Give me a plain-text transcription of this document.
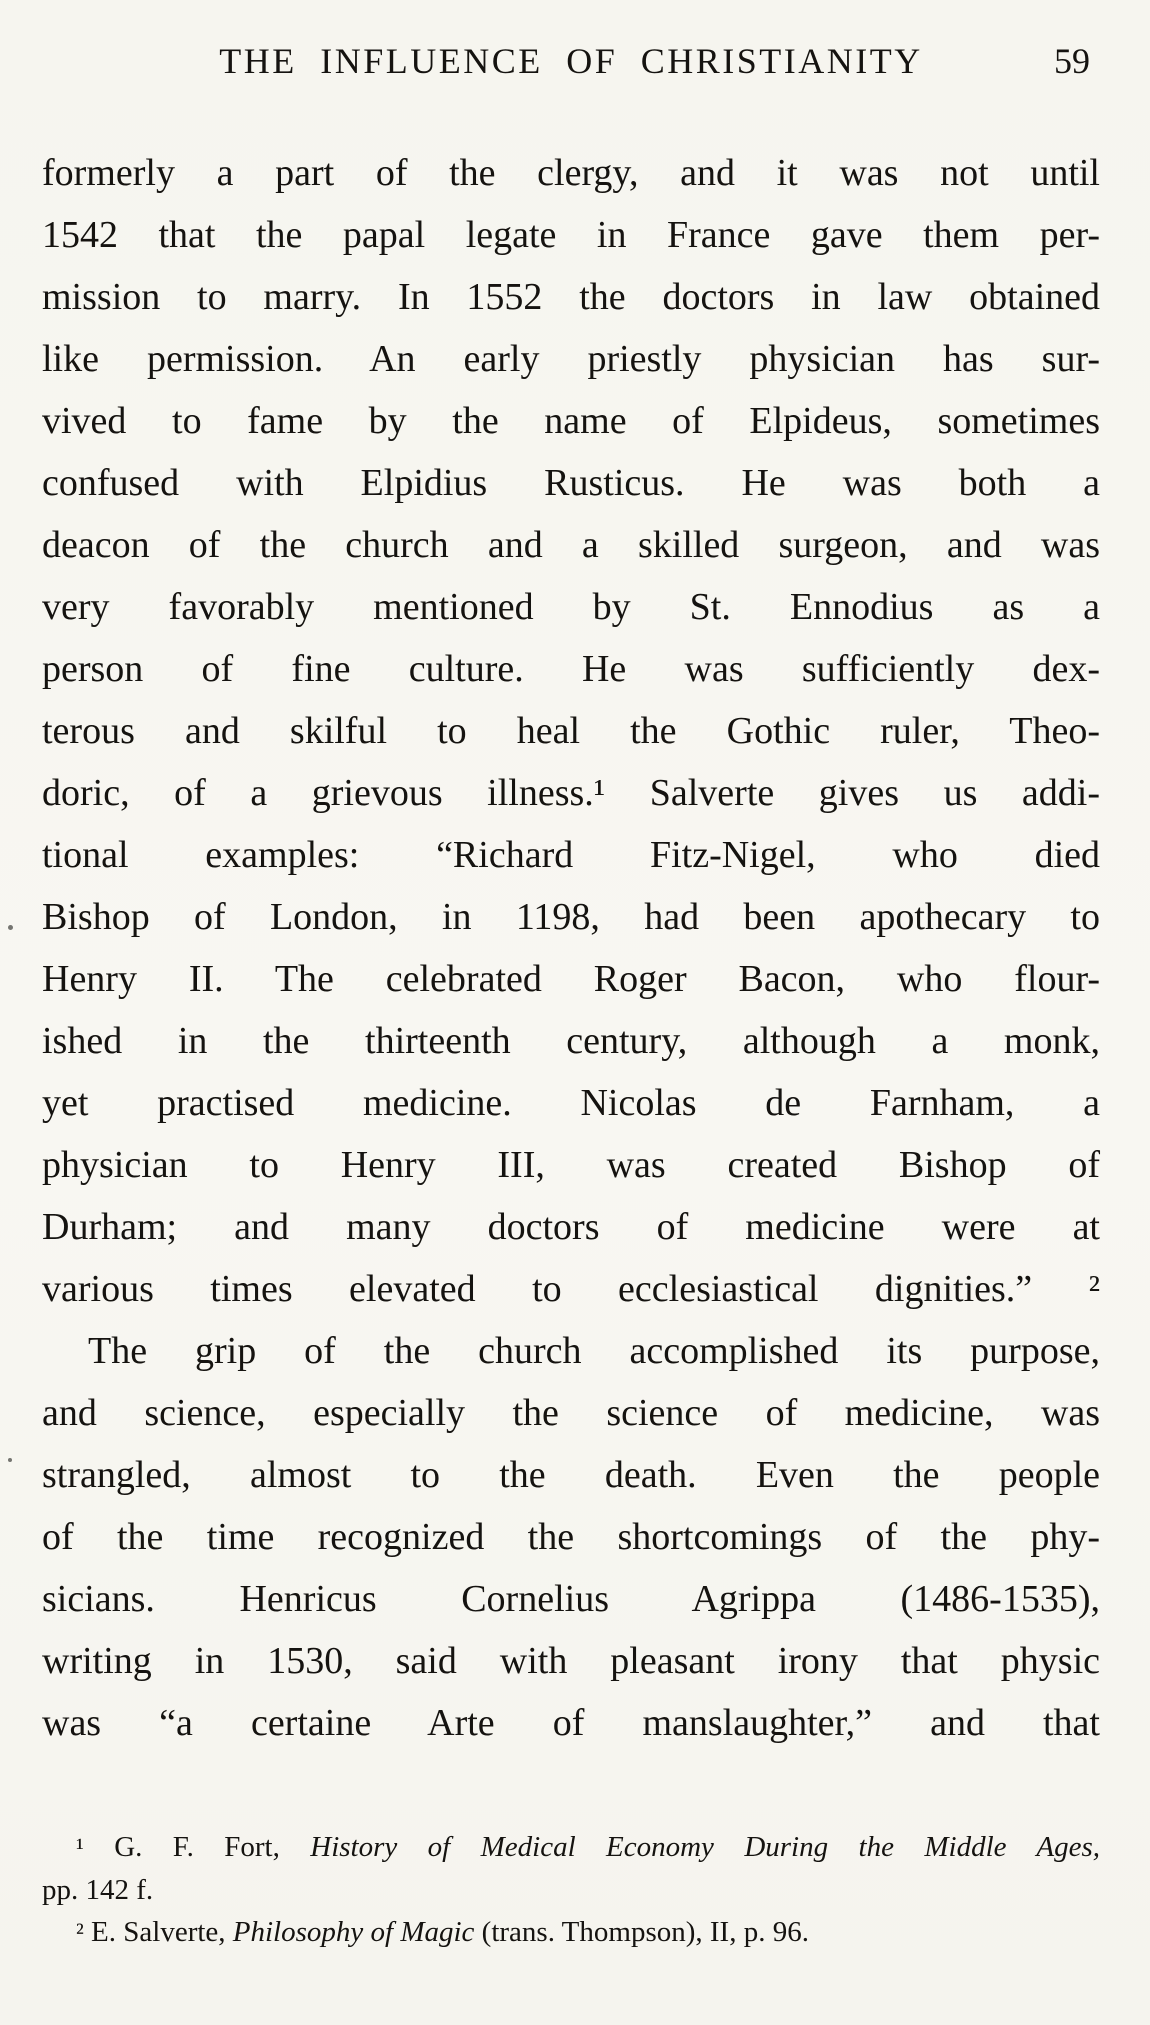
THE INFLUENCE OF CHRISTIANITY	59
formerly a part of the clergy, and it was not until
1542 that the papal legate in France gave them per-
mission to marry. In 1552 the doctors in law obtained
like permission. An early priestly physician has sur-
vived to fame by the name of Elpideus, sometimes
confused with Elpidius Rusticus. He was both a
deacon of the church and a skilled surgeon, and was
very favorably mentioned by St. Ennodius as a
person of fine culture. He was sufficiently dex-
terous and skilful to heal the Gothic ruler, Theo-
doric, of a grievous illness.¹ Salverte gives us addi-
tional examples: “Richard Fitz-Nigel, who died
Bishop of London, in 1198, had been apothecary to
Henry II. The celebrated Roger Bacon, who flour-
ished in the thirteenth century, although a monk,
yet practised medicine. Nicolas de Farnham, a
physician to Henry III, was created Bishop of
Durham; and many doctors of medicine were at
various times elevated to ecclesiastical dignities.” ²
The grip of the church accomplished its purpose,
and science, especially the science of medicine, was
strangled, almost to the death. Even the people
of the time recognized the shortcomings of the phy-
sicians. Henricus Cornelius Agrippa (1486-1535),
writing in 1530, said with pleasant irony that physic
was “a certaine Arte of manslaughter,” and that
¹ G. F. Fort, History of Medical Economy During the Middle Ages,
pp. 142 f.
² E. Salverte, Philosophy of Magic (trans. Thompson), II, p. 96.
